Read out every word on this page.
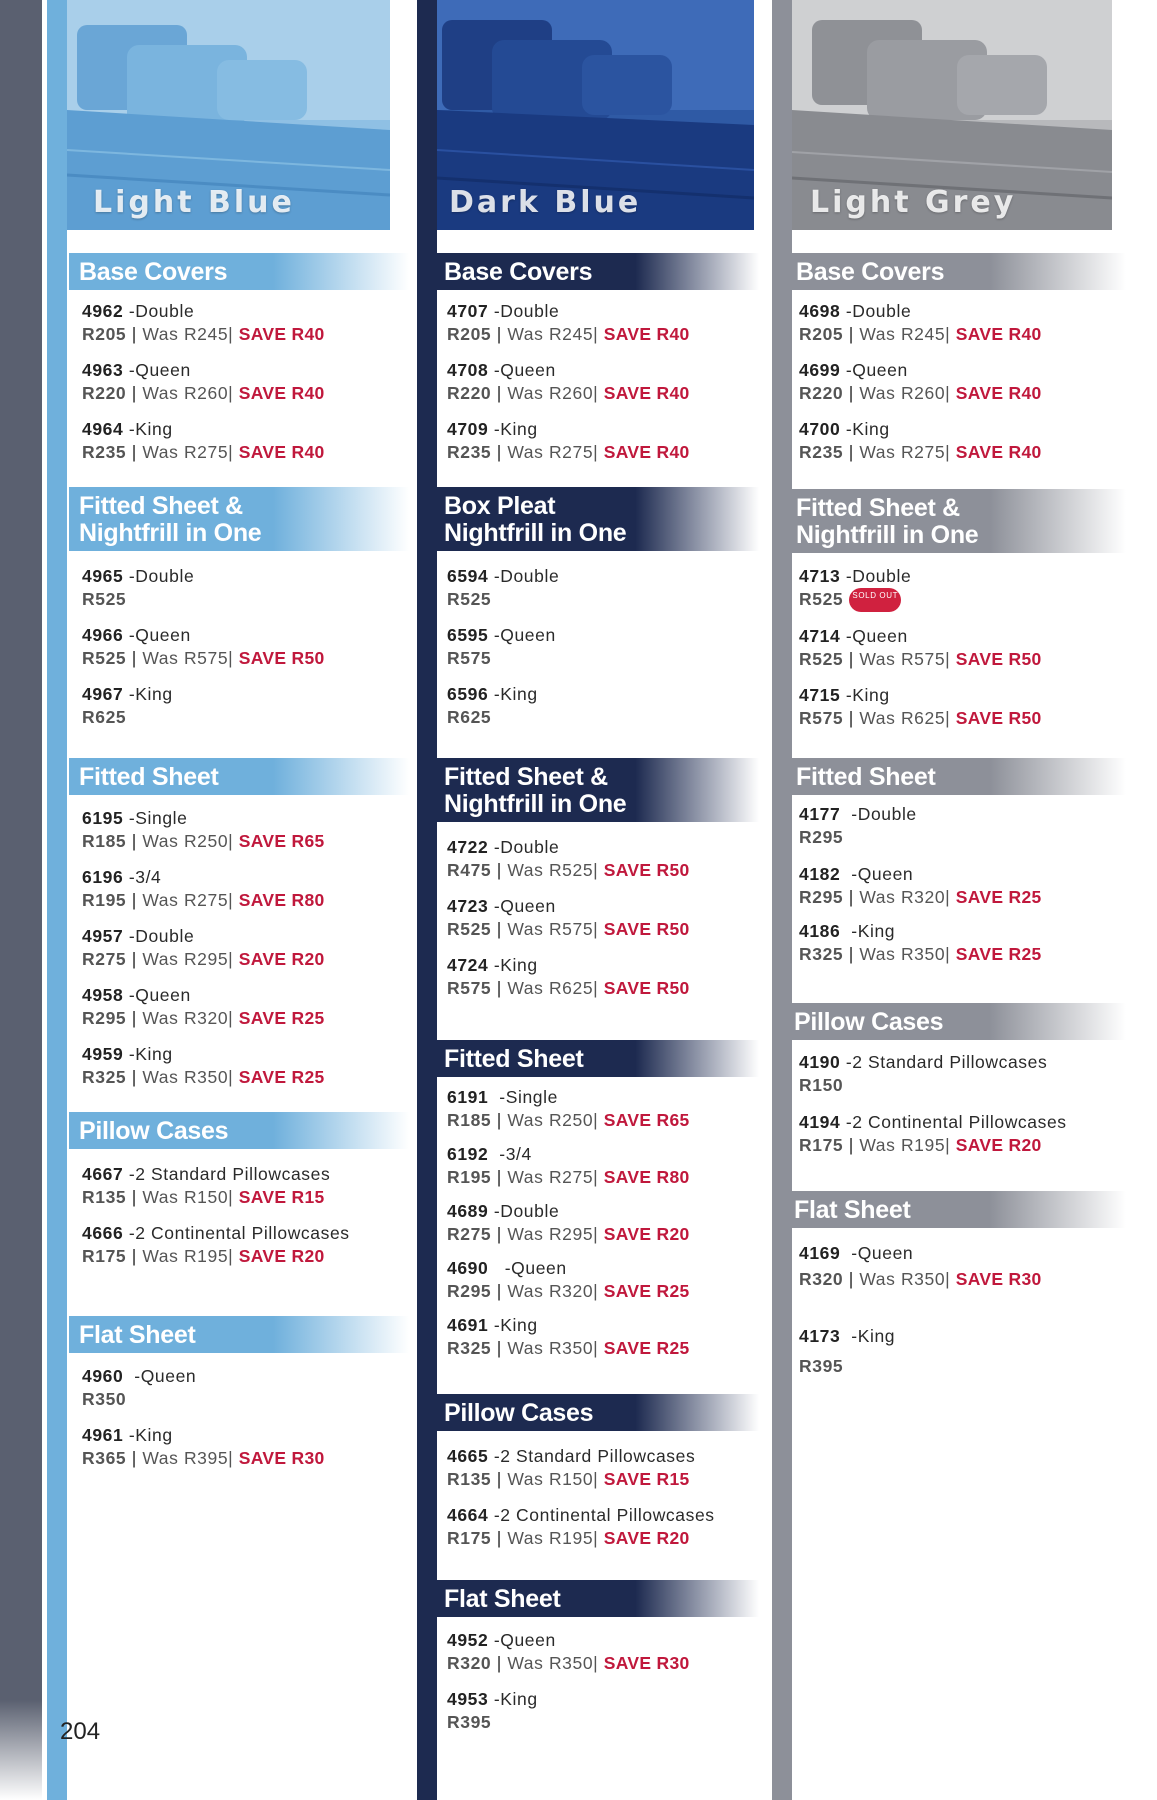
Light Blue	Dark Blue	Light Grey
Base Covers
4962 -Double
R205 | Was R245| SAVE R40
4963 -Queen
R220 | Was R260| SAVE R40
4964 -King
R235 | Was R275| SAVE R40
Fitted Sheet &
Nightfrill in One
4965 -Double
R525
4966 -Queen
R525 | Was R575| SAVE R50
4967 -King
R625
Fitted Sheet
6195 -Single
R185 | Was R250| SAVE R65
6196 -3/4
R195 | Was R275| SAVE R80
4957 -Double
R275 | Was R295| SAVE R20
4958 -Queen
R295 | Was R320| SAVE R25
4959 -King
R325 | Was R350| SAVE R25
Pillow Cases
4667 -2 Standard Pillowcases
R135 | Was R150| SAVE R15
4666 -2 Continental Pillowcases
R175 | Was R195| SAVE R20
Flat Sheet
4960 -Queen
R350
4961 -King
R365 | Was R395| SAVE R30
Base Covers
4707 -Double
R205 | Was R245| SAVE R40
4708 -Queen
R220 | Was R260| SAVE R40
4709 -King
R235 | Was R275| SAVE R40
Box Pleat
Nightfrill in One
6594 -Double
R525
6595 -Queen
R575
6596 -King
R625
Fitted Sheet &
Nightfrill in One
4722 -Double
R475 | Was R525| SAVE R50
4723 -Queen
R525 | Was R575| SAVE R50
4724 -King
R575 | Was R625| SAVE R50
Fitted Sheet
6191 -Single
R185 | Was R250| SAVE R65
6192 -3/4
R195 | Was R275| SAVE R80
4689 -Double
R275 | Was R295| SAVE R20
4690 -Queen
R295 | Was R320| SAVE R25
4691 -King
R325 | Was R350| SAVE R25
Pillow Cases
4665 -2 Standard Pillowcases
R135 | Was R150| SAVE R15
4664 -2 Continental Pillowcases
R175 | Was R195| SAVE R20
Flat Sheet
4952 -Queen
R320 | Was R350| SAVE R30
4953 -King
R395
Base Covers
4698 -Double
R205 | Was R245| SAVE R40
4699 -Queen
R220 | Was R260| SAVE R40
4700 -King
R235 | Was R275| SAVE R40
Fitted Sheet &
Nightfrill in One
4713 -Double
R525 SOLD OUT
4714 -Queen
R525 | Was R575| SAVE R50
4715 -King
R575 | Was R625| SAVE R50
Fitted Sheet
4177 -Double
R295
4182 -Queen
R295 | Was R320| SAVE R25
4186 -King
R325 | Was R350| SAVE R25
Pillow Cases
4190 -2 Standard Pillowcases
R150
4194 -2 Continental Pillowcases
R175 | Was R195| SAVE R20
Flat Sheet
4169 -Queen
R320 | Was R350| SAVE R30
4173 -King
R395
204
